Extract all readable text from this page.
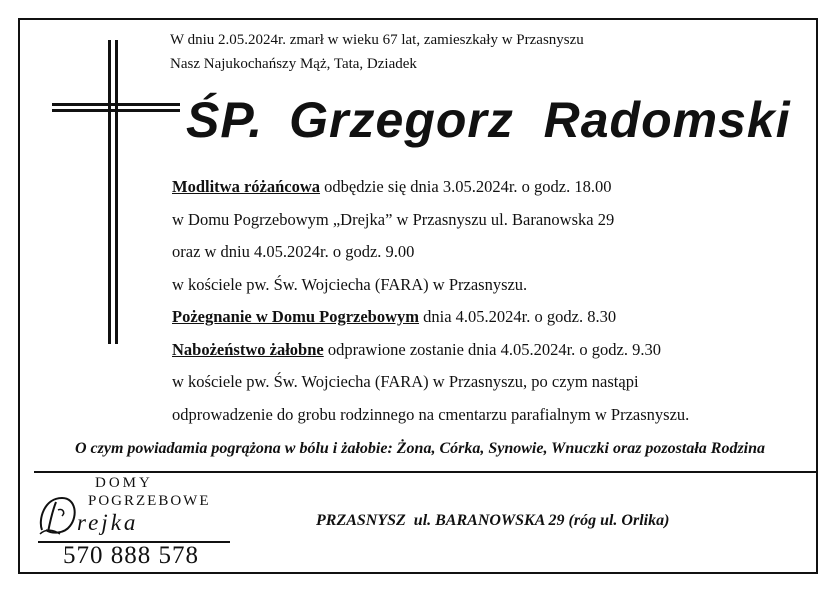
W dniu 2.05.2024r. zmarł w wieku 67 lat, zamieszkały w Przasnyszu
Nasz Najukochańszy Mąż, Tata, Dziadek
ŚP. Grzegorz  Radomski
Modlitwa różańcowa odbędzie się dnia 3.05.2024r. o godz. 18.00
w Domu Pogrzebowym „Drejka” w Przasnyszu ul. Baranowska 29
oraz w dniu 4.05.2024r. o godz. 9.00
w kościele pw. Św. Wojciecha (FARA) w Przasnyszu.
Pożegnanie w Domu Pogrzebowym dnia 4.05.2024r. o godz. 8.30
Nabożeństwo żałobne odprawione zostanie dnia 4.05.2024r. o godz. 9.30
w kościele pw. Św. Wojciecha (FARA) w Przasnyszu, po czym nastąpi
odprowadzenie do grobu rodzinnego na cmentarzu parafialnym w Przasnyszu.
O czym powiadamia pogrążona w bólu i żałobie: Żona, Córka, Synowie, Wnuczki oraz pozostała Rodzina
DOMY
POGRZEBOWE
rejka
570 888 578
PRZASNYSZ  ul. BARANOWSKA 29 (róg ul. Orlika)
